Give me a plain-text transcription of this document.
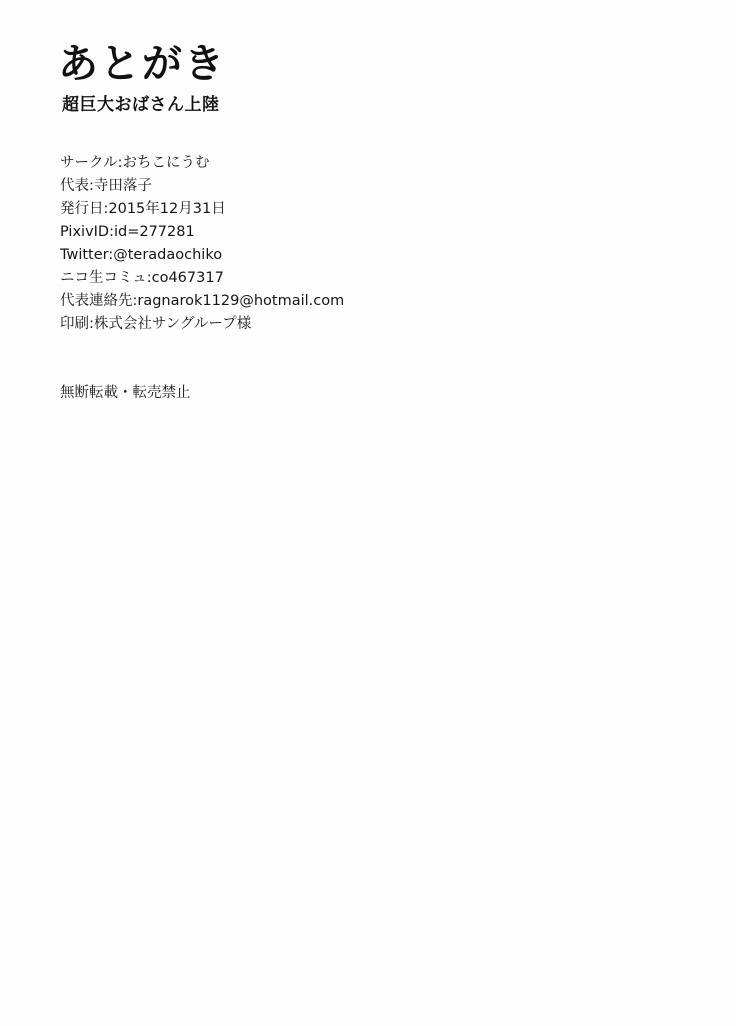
あとがき
超巨大おばさん上陸
サークル:おちこにうむ
代表:寺田落子
発行日:2015年12月31日
PixivID:id=277281
Twitter:@teradaochiko
ニコ生コミュ:co467317
代表連絡先:ragnarok1129@hotmail.com
印刷:株式会社サングループ様
無断転載・転売禁止
